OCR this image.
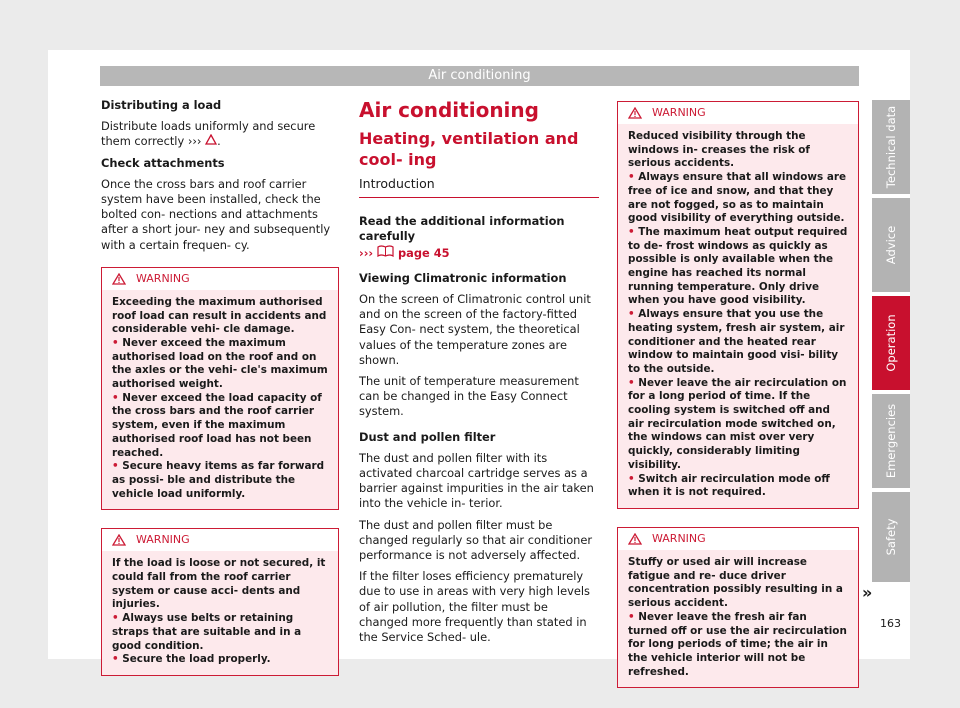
Air conditioning

Distributing a load

Distribute loads uniformly and secure them correctly ››› .

Check attachments

Once the cross bars and roof carrier system have been installed, check the bolted con- nections and attachments after a short jour- ney and subsequently with a certain frequen- cy.

WARNING

Exceeding the maximum authorised roof load can result in accidents and considerable vehi- cle damage.

• Never exceed the maximum authorised load on the roof and on the axles or the vehi- cle's maximum authorised weight.

• Never exceed the load capacity of the cross bars and the roof carrier system, even if the maximum authorised roof load has not been reached.

• Secure heavy items as far forward as possi- ble and distribute the vehicle load uniformly.

WARNING

If the load is loose or not secured, it could fall from the roof carrier system or cause acci- dents and injuries.

• Always use belts or retaining straps that are suitable and in a good condition.

• Secure the load properly.

Air conditioning
Heating, ventilation and cool- ing
Introduction

Read the additional information carefully
››› page 45

Viewing Climatronic information

On the screen of Climatronic control unit and on the screen of the factory-fitted Easy Con- nect system, the theoretical values of the temperature zones are shown.

The unit of temperature measurement can be changed in the Easy Connect system.

Dust and pollen filter

The dust and pollen filter with its activated charcoal cartridge serves as a barrier against impurities in the air taken into the vehicle in- terior.

The dust and pollen filter must be changed regularly so that air conditioner performance is not adversely affected.

If the filter loses efficiency prematurely due to use in areas with very high levels of air pollution, the filter must be changed more frequently than stated in the Service Sched- ule.

WARNING

Reduced visibility through the windows in- creases the risk of serious accidents.

• Always ensure that all windows are free of ice and snow, and that they are not fogged, so as to maintain good visibility of everything outside.

• The maximum heat output required to de- frost windows as quickly as possible is only available when the engine has reached its normal running temperature. Only drive when you have good visibility.

• Always ensure that you use the heating system, fresh air system, air conditioner and the heated rear window to maintain good visi- bility to the outside.

• Never leave the air recirculation on for a long period of time. If the cooling system is switched off and air recirculation mode switched on, the windows can mist over very quickly, considerably limiting visibility.

• Switch air recirculation mode off when it is not required.

WARNING

Stuffy or used air will increase fatigue and re- duce driver concentration possibly resulting in a serious accident.

• Never leave the fresh air fan turned off or use the air recirculation for long periods of time; the air in the vehicle interior will not be refreshed.

»
Technical data
Advice
Operation
Emergencies
Safety
163
